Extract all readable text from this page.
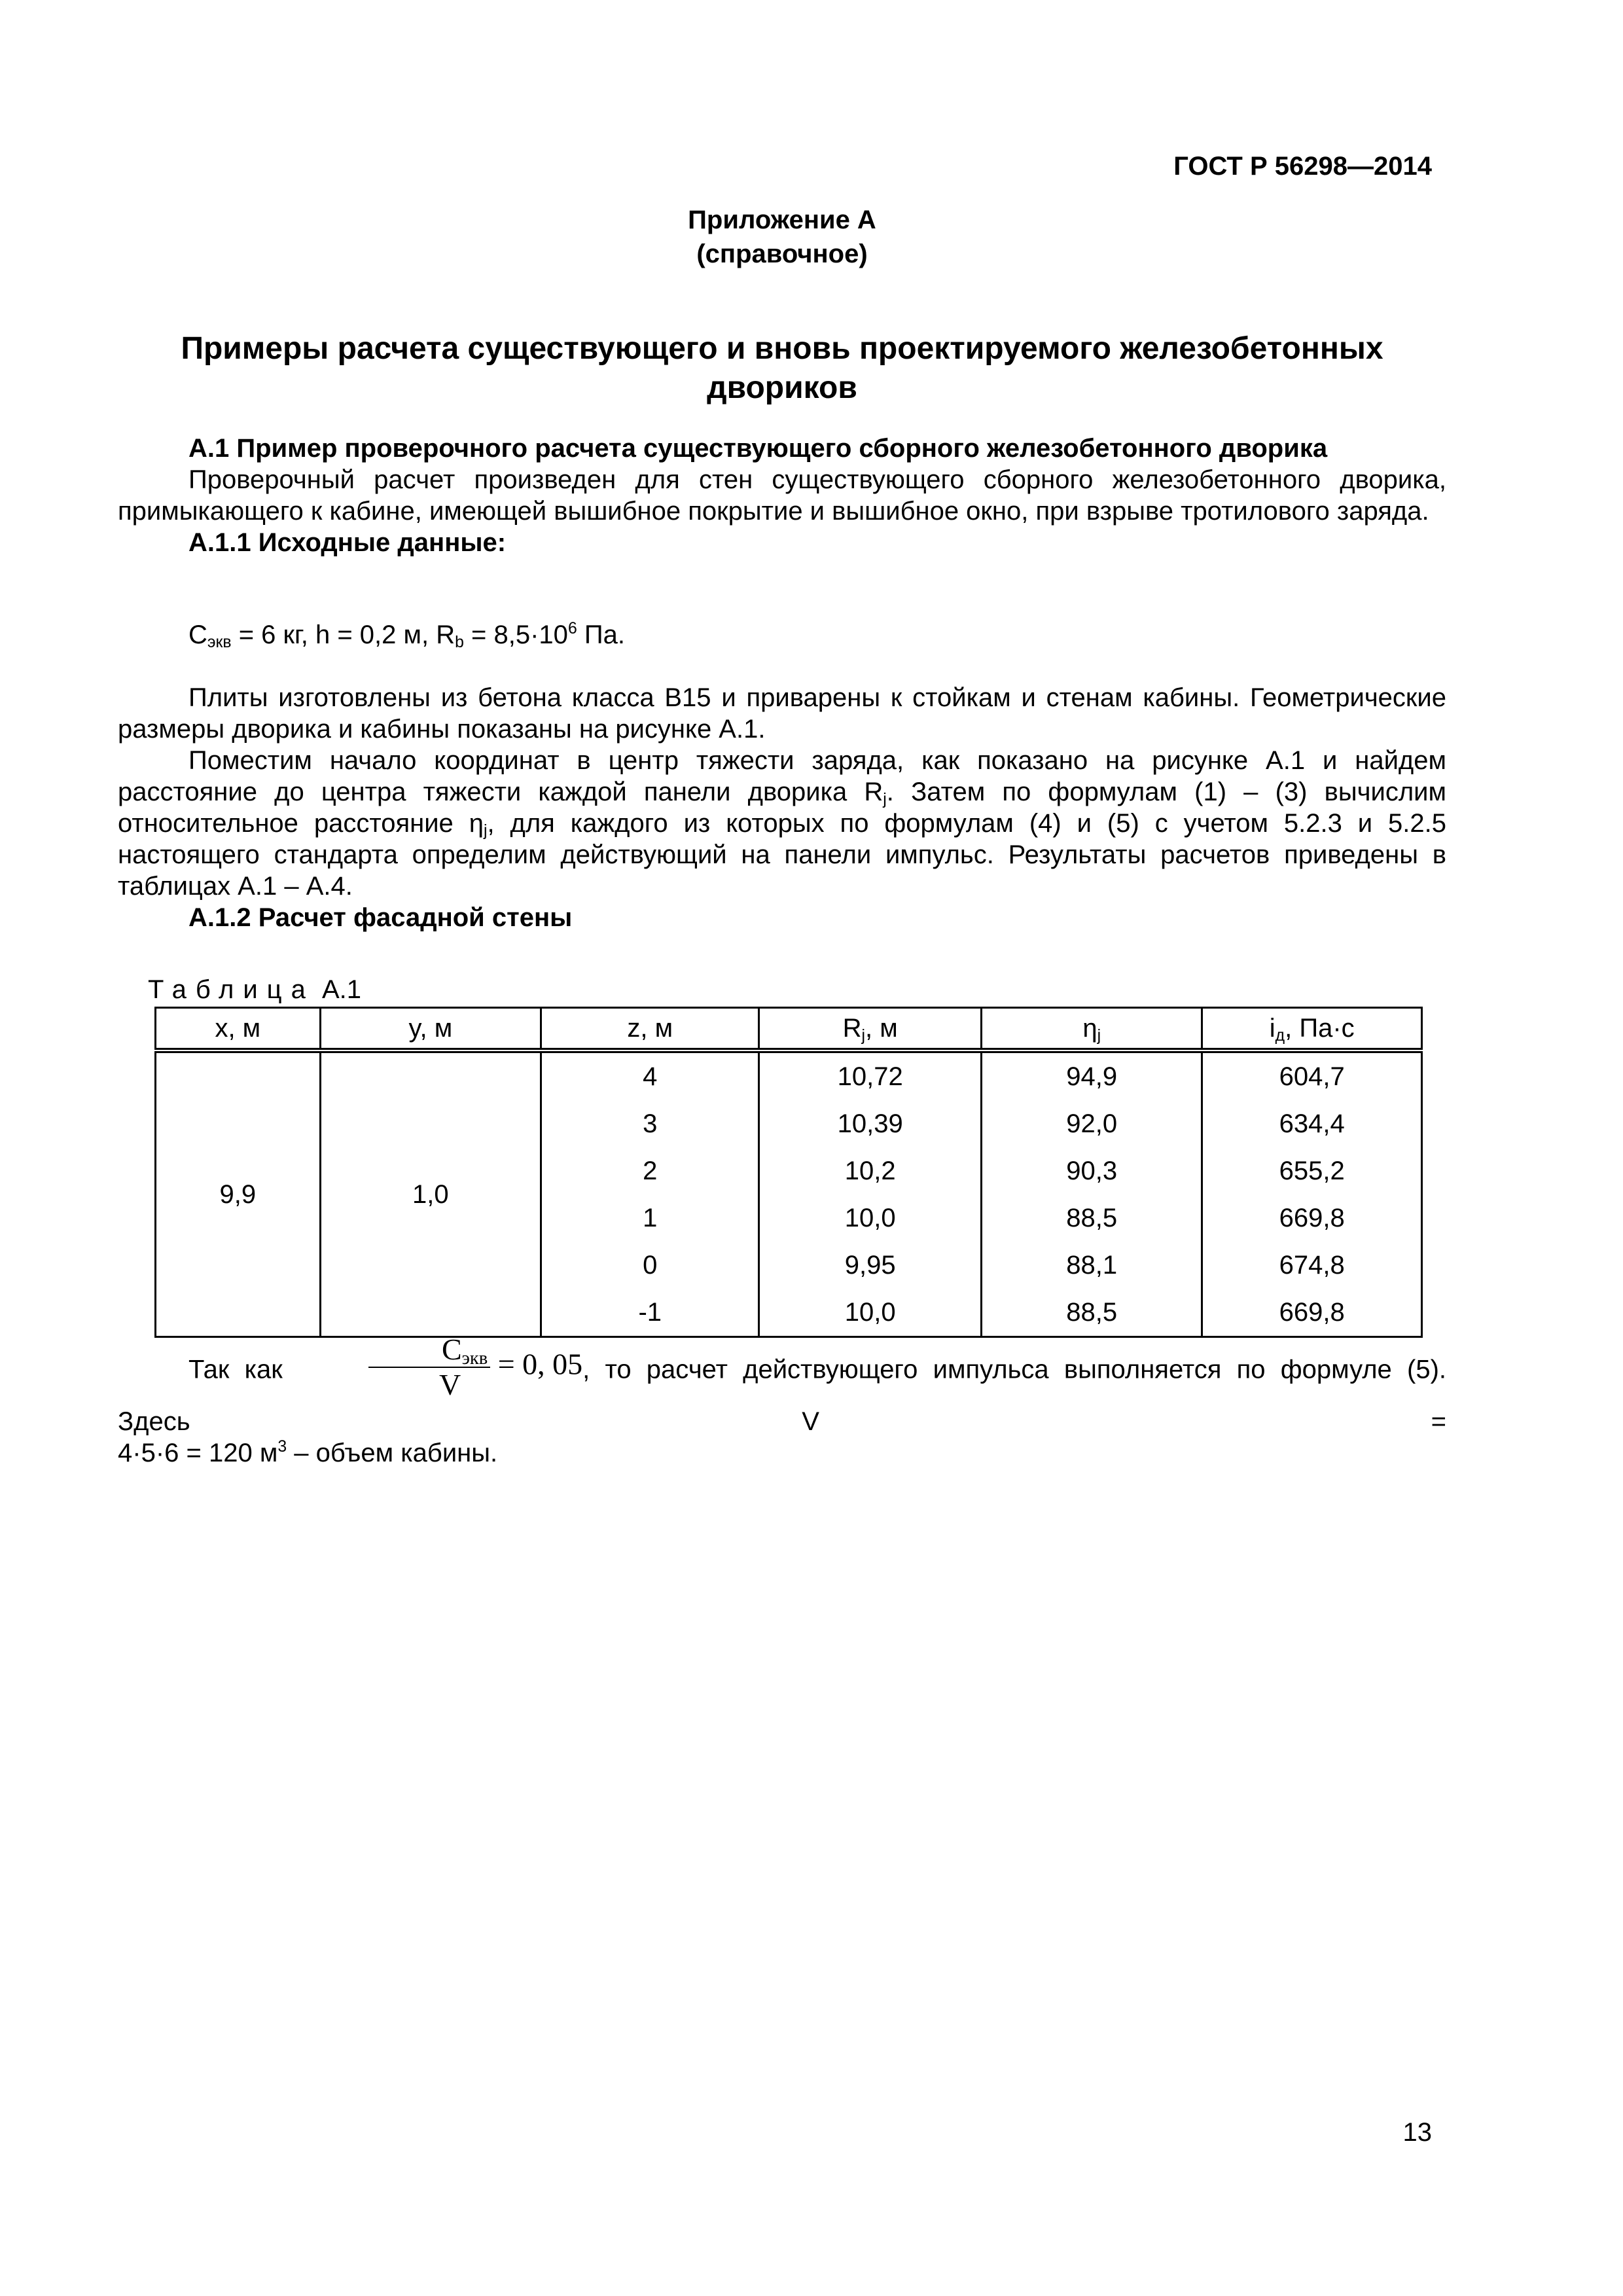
ГОСТ Р 56298—2014
Приложение А
(справочное)
Примеры расчета существующего и вновь проектируемого железобетонных
двориков

А.1 Пример проверочного расчета существующего сборного железобетонного дворика

Проверочный расчет произведен для стен существующего сборного железобетонного дворика, примыкающего к кабине, имеющей вышибное покрытие и вышибное окно, при взрыве тротилового заряда.

А.1.1 Исходные данные:

$С_{экв} = 6$ кг, h = 0,2 м, $R_b = 8,5\cdot 10^6$ Па.

Плиты изготовлены из бетона класса В15 и приварены к стойкам и стенам кабины. Геометрические размеры дворика и кабины показаны на рисунке А.1.

Поместим начало координат в центр тяжести заряда, как показано на рисунке А.1 и найдем расстояние до центра тяжести каждой панели дворика $R_j$. Затем по формулам (1) – (3) вычислим относительное расстояние $\eta_j$, для каждого из которых по формулам (4) и (5) с учетом 5.2.3 и 5.2.5 настоящего стандарта определим действующий на панели импульс. Результаты расчетов приведены в таблицах А.1 – А.4.

А.1.2 Расчет фасадной стены

Таблица А.1
x, м	y, м	z, м	$R_j$, м	$\eta_j$	$i_д$, Па·с
9,9	1,0	4	10,72	94,9	604,7
		3	10,39	92,0	634,4
		2	10,2	90,3	655,2
		1	10,0	88,5	669,8
		0	9,95	88,1	674,8
		-1	10,0	88,5	669,8

Так как	$\frac{С_{экв}}{V} = 0$, 05, то расчет действующего импульса выполняется по формуле (5). Здесь V =

4·5·6 = 120 $м^3$ – объем кабины.

13
